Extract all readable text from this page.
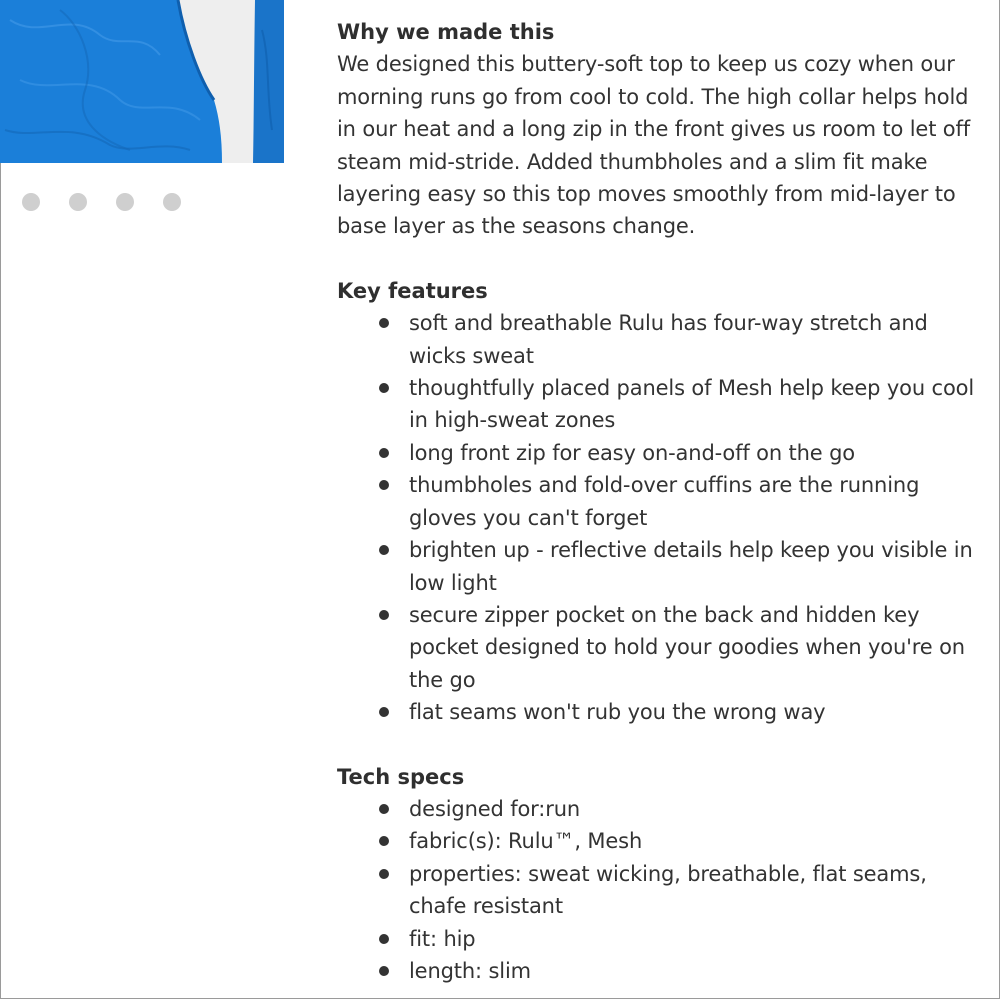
Why we made this

We designed this buttery-soft top to keep us cozy when our morning runs go from cool to cold. The high collar helps hold in our heat and a long zip in the front gives us room to let off steam mid-stride. Added thumbholes and a slim fit make layering easy so this top moves smoothly from mid-layer to base layer as the seasons change.

Key features
soft and breathable Rulu has four-way stretch and wicks sweat
thoughtfully placed panels of Mesh help keep you cool in high-sweat zones
long front zip for easy on-and-off on the go
thumbholes and fold-over cuffins are the running gloves you can't forget
brighten up - reflective details help keep you visible in low light
secure zipper pocket on the back and hidden key pocket designed to hold your goodies when you're on the go
flat seams won't rub you the wrong way
Tech specs
designed for:run
fabric(s): Rulu™, Mesh
properties: sweat wicking, breathable, flat seams, chafe resistant
fit: hip
length: slim
